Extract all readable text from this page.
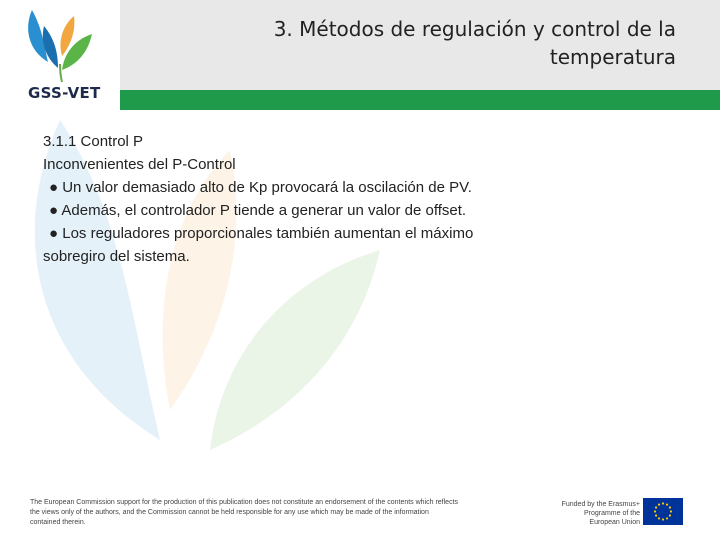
GSS-VET
3. Métodos de regulación y control de la temperatura

3.1.1 Control P

Inconvenientes del P-Control

● Un valor demasiado alto de Kp provocará la oscilación de PV.

● Además, el controlador P tiende a generar un valor de offset.

● Los reguladores proporcionales también aumentan el máximo

sobregiro del sistema.

The European Commission support for the production of this publication does not constitute an endorsement of the contents which reflects the views only of the authors, and the Commission cannot be held responsible for any use which may be made of the information contained therein.
Funded by the Erasmus+ Programme of the European Union
